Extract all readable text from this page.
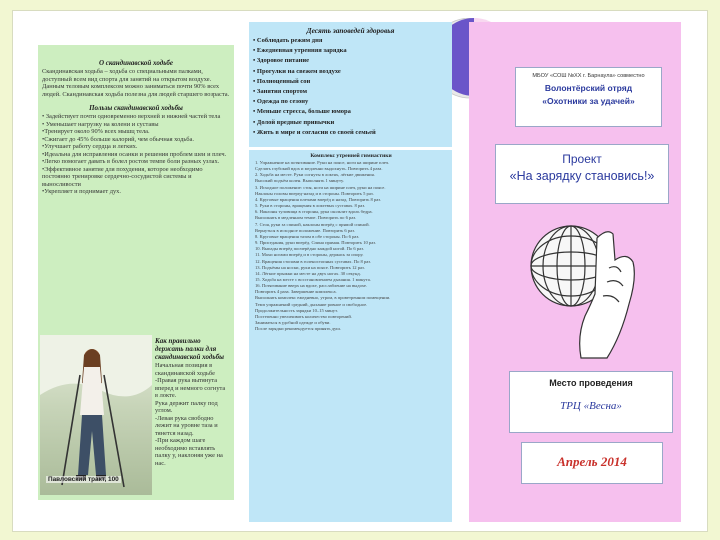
О скандинавской ходьбе

Скандинавская ходьба – ходьба со специальными палками, доступный всем вид спорта для занятий на открытом воздухе. Данным теловым комплексом можно заниматься почти 90% всех людей. Скандинавская ходьба полезна для людей старшего возраста.

Пользы скандинавской ходьбы

• Задействует почти одновременно верхней и нижней частей тела

• Уменьшает нагрузку на колени и суставы

•Тренирует около 90% всех мышц тела.

•Сжигает до 45% больше калорий, чем обычная ходьба.

•Улучшает работу сердца и легких.

•Идеальна для исправления осанки и решения проблем шеи и плеч.

•Легко помогает давать в болел ростом темпе боли разных узлах.

•Эффективное занятие для похудения, которое необходимо постоянно тренировке сердечно-сосудистой системы и выносливости

•Укрепляет и поднимает дух.

Павловский тракт, 100

Как правильно держать палки для скандинавской ходьбы

Начальная позиция в скандинавской ходьбе

-Правая рука вытянута вперед и немного согнута в локте.

Рука держит палку под углом.

-Левая рука свободно лежит на уровне таза и тянется назад.

-При каждом шаге необходимо вставлять палку у, наклоняя уже на нас.

Десять заповедей здоровья

• Соблюдать режим дня
• Ежедневная утренняя зарядка
• Здоровое питание
• Прогулки на свежем воздухе
• Полноценный сон
• Занятия спортом
• Одежда по сезону
• Меньше стресса, больше юмора
• Долой вредные привычки
• Жить в мире и согласии со своей семьей

Комплекс утренней гимнастики

1. Упражнение на потягивание. Руки на поясе, ноги на ширине плеч.
Сделать глубокий вдох и медленно выдохнуть. Повторить 4 раза.
2. Ходьба на месте. Руки согнуты в локтях, лёгкие движения.
Высокий подъём колен. Выполнять 1 минуту.
3. Исходное положение: стоя, ноги на ширине плеч, руки на поясе.
Наклоны головы вперед-назад и в стороны. Повторить 5 раз.
4. Круговые вращения плечами вперёд и назад. Повторить 8 раз.
5. Руки в стороны, вращения в локтевых суставах. 8 раз.
6. Наклоны туловища в стороны, рука скользит вдоль бедра.
Выполнять в медленном темпе. Повторить по 6 раз.
7. Стоя, руки за спиной, наклоны вперёд с прямой спиной.
Вернуться в исходное положение. Повторить 6 раз.
8. Круговые вращения тазом в обе стороны. По 6 раз.
9. Приседания, руки вперёд. Спина прямая. Повторить 10 раз.
10. Выпады вперёд поочерёдно каждой ногой. По 6 раз.
11. Махи ногами вперёд и в стороны, держась за опору.
12. Вращения стопами в голеностопных суставах. По 8 раз.
13. Подъёмы на носки, руки на поясе. Повторить 12 раз.
14. Лёгкие прыжки на месте на двух ногах. 30 секунд.
15. Ходьба на месте с восстановлением дыхания. 1 минута.
16. Потягивание вверх на вдохе, расслабление на выдохе.
Повторить 4 раза. Завершение комплекса.
Выполнять комплекс ежедневно, утром, в проветренном помещении.
Темп упражнений средний, дыхание ровное и свободное.
Продолжительность зарядки 10–15 минут.
Постепенно увеличивать количество повторений.
Заниматься в удобной одежде и обуви.
После зарядки рекомендуется принять душ.
МБОУ «СОШ №XX г. Барнаула» совместно
Волонтёрский отряд
«Охотники за удачей»
Проект
«На зарядку становись!»
Место проведения
ТРЦ «Весна»
Апрель 2014
